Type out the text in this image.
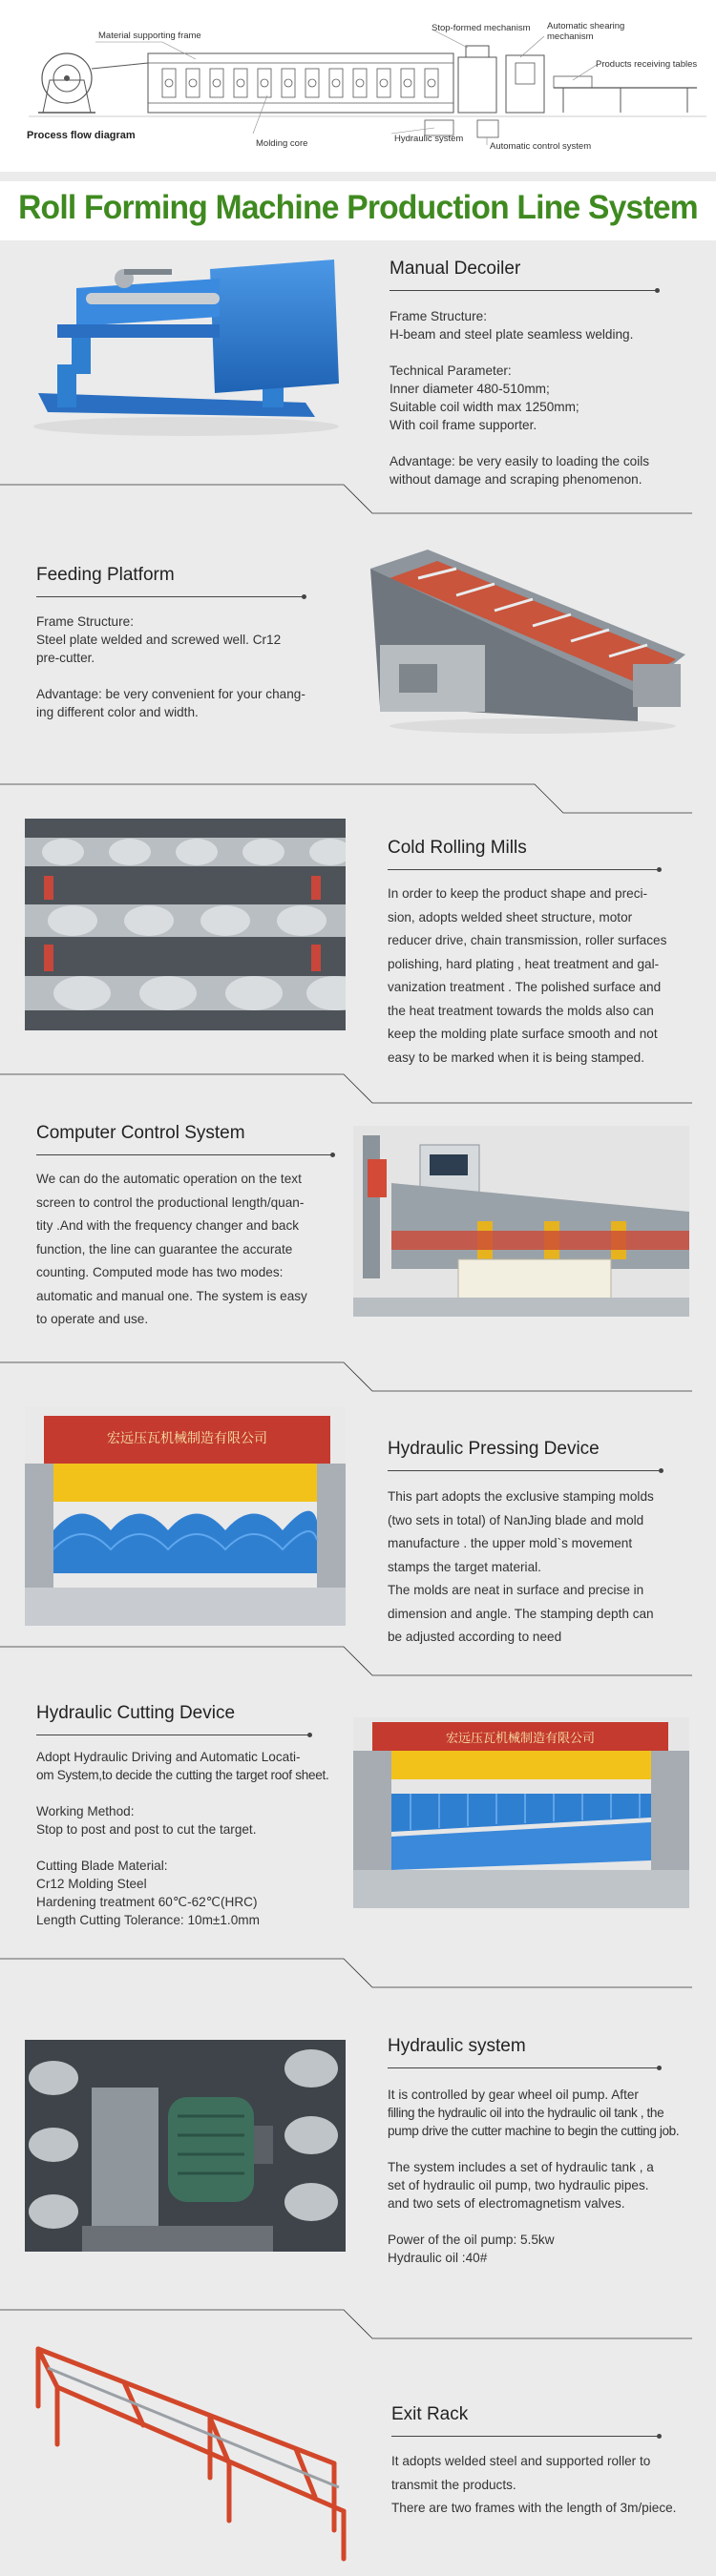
Material supporting frame
Stop-formed mechanism Automatic shearing
mechanism
Products receiving tables
Process flow diagram
Molding core	Hydraulic system
Automatic control system
Roll Forming Machine Production Line System
Manual Decoiler

Frame Structure:

H-beam and steel plate seamless welding.

Technical Parameter:

Inner diameter 480-510mm;

Suitable coil width max 1250mm;

With coil frame supporter.

Advantage: be very easily to loading the coils

without damage and scraping phenomenon.

Feeding Platform

Frame Structure:

Steel plate welded and screwed well. Cr12

pre-cutter.

Advantage: be very convenient for your chang-

ing different color and width.

Cold Rolling Mills

In order to keep the product shape and preci-

sion, adopts welded sheet structure, motor

reducer drive, chain transmission, roller surfaces

polishing, hard plating , heat treatment and gal-

vanization treatment . The polished surface and

the heat treatment towards the molds also can

keep the molding plate surface smooth and not

easy to be marked when it is being stamped.

Computer Control System

We can do the automatic operation on the text

screen to control the productional length/quan-

tity .And with the frequency changer and back

function, the line can guarantee the accurate

counting. Computed mode has two modes:

automatic and manual one. The system is easy

to operate and use.

宏远压瓦机械制造有限公司	Hydraulic Pressing Device

This part adopts the exclusive stamping molds

(two sets in total) of NanJing blade and mold

manufacture . the upper mold`s movement

stamps the target material.

The molds are neat in surface and precise in

dimension and angle. The stamping depth can

be adjusted according to need

Hydraulic Cutting Device

Adopt Hydraulic Driving and Automatic Locati-

om System,to decide the cutting the target roof sheet.

Working Method:

Stop to post and post to cut the target.

Cutting Blade Material:

Cr12 Molding Steel

Hardening treatment 60℃-62℃(HRC)

Length Cutting Tolerance: 10m±1.0mm

宏远压瓦机械制造有限公司
Hydraulic system

It is controlled by gear wheel oil pump. After

filling the hydraulic oil into the hydraulic oil tank , the

pump drive the cutter machine to begin the cutting job.

The system includes a set of hydraulic tank , a

set of hydraulic oil pump, two hydraulic pipes.

and two sets of electromagnetism valves.

Power of the oil pump: 5.5kw

Hydraulic oil :40#

Exit Rack

It adopts welded steel and supported roller to

transmit the products.

There are two frames with the length of 3m/piece.
